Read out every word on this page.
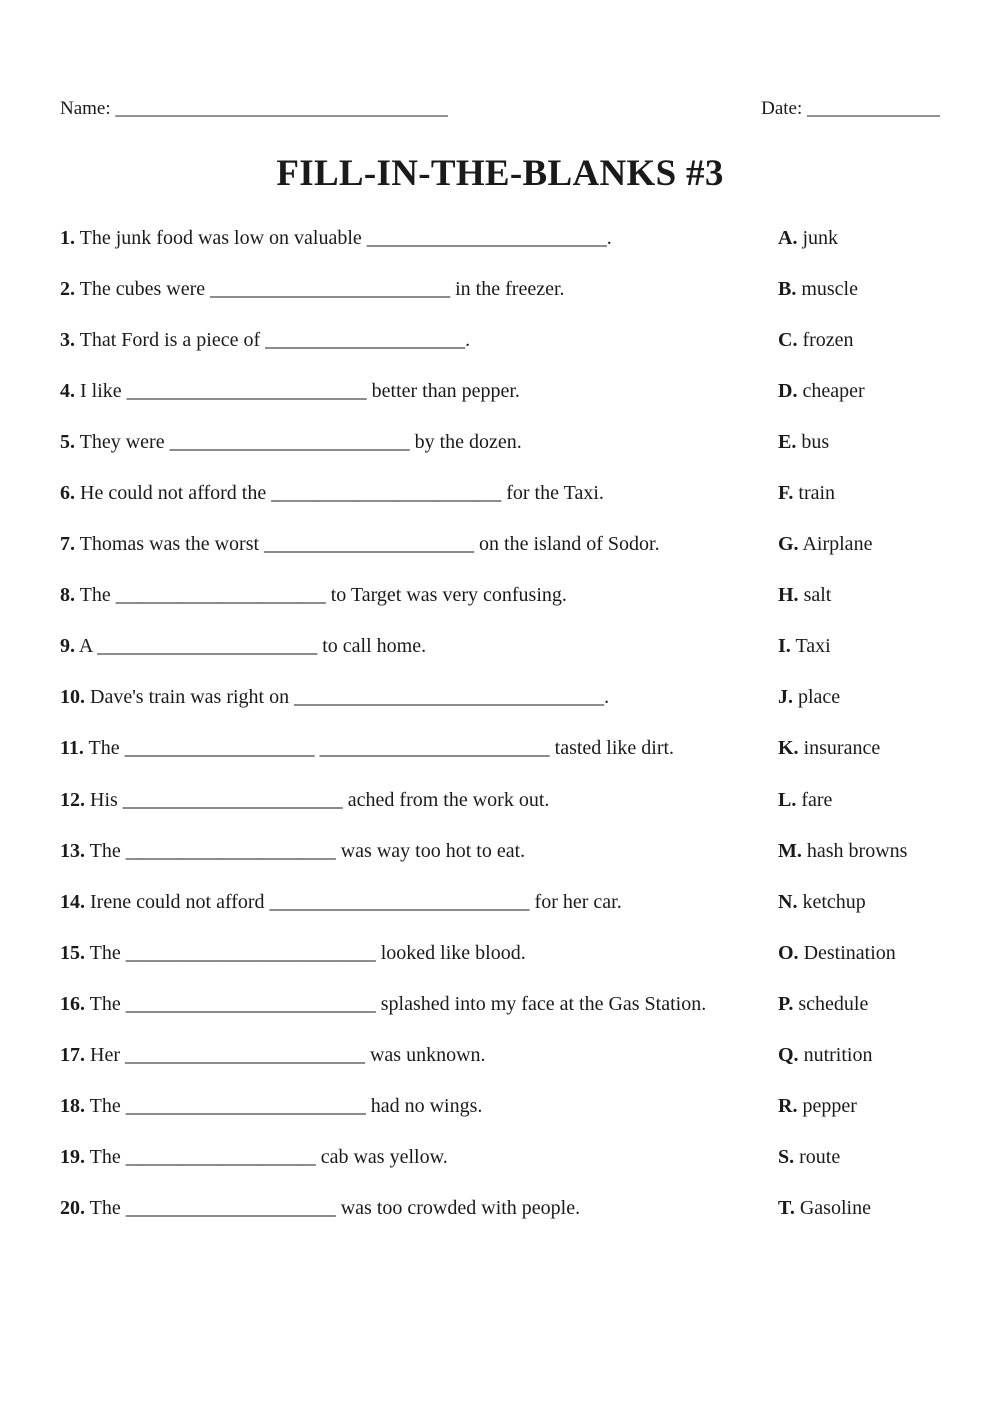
Name: ___________________________________	Date: ______________
FILL-IN-THE-BLANKS #3
1. The junk food was low on valuable ________________________.
2. The cubes were ________________________ in the freezer.
3. That Ford is a piece of ____________________.
4. I like ________________________ better than pepper.
5. They were ________________________ by the dozen.
6. He could not afford the _______________________ for the Taxi.
7. Thomas was the worst _____________________ on the island of Sodor.
8. The _____________________ to Target was very confusing.
9. A ______________________ to call home.
10. Dave's train was right on _______________________________.
11. The ___________________ _______________________ tasted like dirt.
12. His ______________________ ached from the work out.
13. The _____________________ was way too hot to eat.
14. Irene could not afford __________________________ for her car.
15. The _________________________ looked like blood.
16. The _________________________ splashed into my face at the Gas Station.
17. Her ________________________ was unknown.
18. The ________________________ had no wings.
19. The ___________________ cab was yellow.
20. The _____________________ was too crowded with people.
A. junk
B. muscle
C. frozen
D. cheaper
E. bus
F. train
G. Airplane
H. salt
I. Taxi
J. place
K. insurance
L. fare
M. hash browns
N. ketchup
O. Destination
P. schedule
Q. nutrition
R. pepper
S. route
T. Gasoline
